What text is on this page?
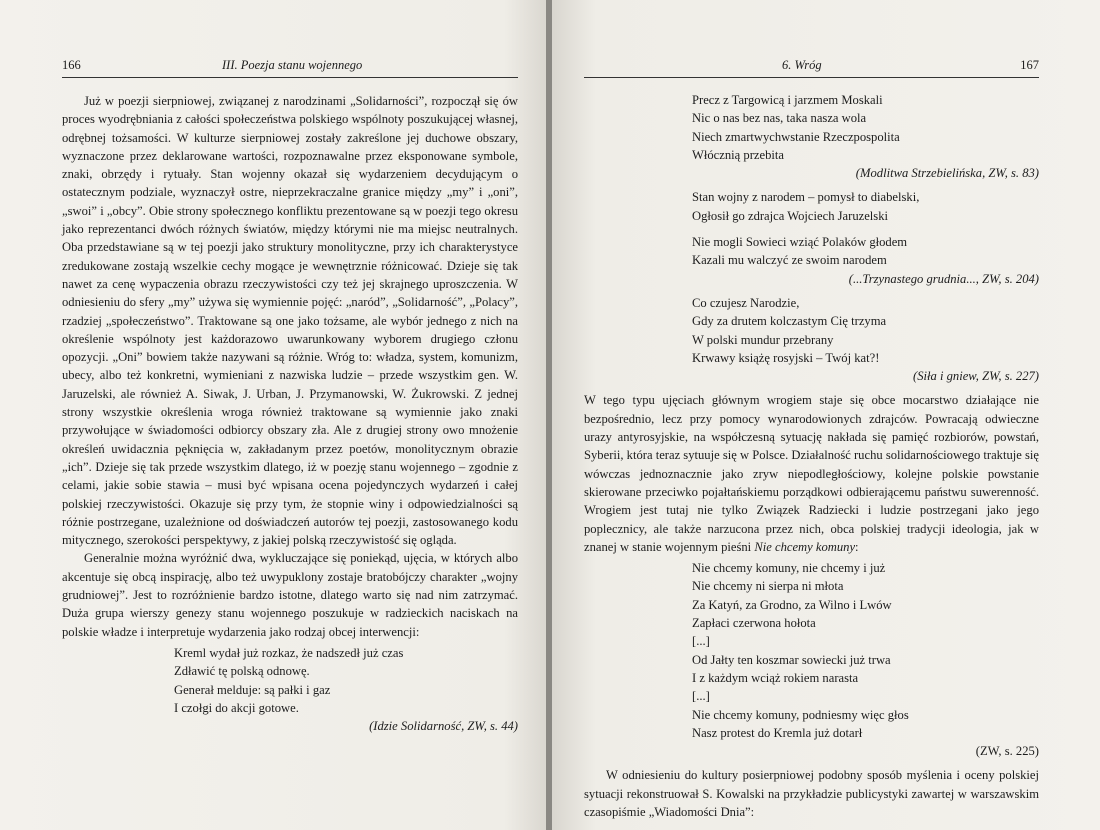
166	III. Poezja stanu wojennego

Już w poezji sierpniowej, związanej z narodzinami „Solidarności”, rozpoczął się ów proces wyodrębniania z całości społeczeństwa polskiego wspólnoty poszukującej własnej, odrębnej tożsamości. W kulturze sierpniowej zostały zakreślone jej duchowe obszary, wyznaczone przez deklarowane wartości, rozpoznawalne przez eksponowane symbole, znaki, obrzędy i rytuały. Stan wojenny okazał się wydarzeniem decydującym o ostatecznym podziale, wyznaczył ostre, nieprzekraczalne granice między „my” i „oni”, „swoi” i „obcy”. Obie strony społecznego konfliktu prezentowane są w poezji tego okresu jako reprezentanci dwóch różnych światów, między którymi nie ma miejsc neutralnych. Oba przedstawiane są w tej poezji jako struktury monolityczne, przy ich charakterystyce zredukowane zostają wszelkie cechy mogące je wewnętrznie różnicować. Dzieje się tak nawet za cenę wypaczenia obrazu rzeczywistości czy też jej skrajnego uproszczenia. W odniesieniu do sfery „my” używa się wymiennie pojęć: „naród”, „Solidarność”, „Polacy”, rzadziej „społeczeństwo”. Traktowane są one jako tożsame, ale wybór jednego z nich na określenie wspólnoty jest każdorazowo uwarunkowany wyborem drugiego członu opozycji. „Oni” bowiem także nazywani są różnie. Wróg to: władza, system, komunizm, ubecy, albo też konkretni, wymieniani z nazwiska ludzie – przede wszystkim gen. W. Jaruzelski, ale również A. Siwak, J. Urban, J. Przymanowski, W. Żukrowski. Z jednej strony wszystkie określenia wroga również traktowane są wymiennie jako znaki przywołujące w świadomości odbiorcy obszary zła. Ale z drugiej strony owo mnożenie określeń uwidacznia pęknięcia w, zakładanym przez poetów, monolitycznym obrazie „ich”. Dzieje się tak przede wszystkim dlatego, iż w poezję stanu wojennego – zgodnie z celami, jakie sobie stawia – musi być wpisana ocena pojedynczych wydarzeń i całej polskiej rzeczywistości. Okazuje się przy tym, że stopnie winy i odpowiedzialności są różnie postrzegane, uzależnione od doświadczeń autorów tej poezji, zastosowanego kodu mitycznego, szerokości perspektywy, z jakiej polską rzeczywistość się ogląda.

Generalnie można wyróżnić dwa, wykluczające się poniekąd, ujęcia, w których albo akcentuje się obcą inspirację, albo też uwypuklony zostaje bratobójczy charakter „wojny grudniowej”. Jest to rozróżnienie bardzo istotne, dlatego warto się nad nim zatrzymać. Duża grupa wierszy genezy stanu wojennego poszukuje w radzieckich naciskach na polskie władze i interpretuje wydarzenia jako rodzaj obcej interwencji:

Kreml wydał już rozkaz, że nadszedł już czas
Zdławić tę polską odnowę.
Generał melduje: są pałki i gaz
I czołgi do akcji gotowe.
(Idzie Solidarność, ZW, s. 44)
6. Wróg	167
Precz z Targowicą i jarzmem Moskali
Nic o nas bez nas, taka nasza wola
Niech zmartwychwstanie Rzeczpospolita
Włócznią przebita
(Modlitwa Strzebielińska, ZW, s. 83)
Stan wojny z narodem – pomysł to diabelski,
Ogłosił go zdrajca Wojciech Jaruzelski
Nie mogli Sowieci wziąć Polaków głodem
Kazali mu walczyć ze swoim narodem
(...Trzynastego grudnia..., ZW, s. 204)
Co czujesz Narodzie,
Gdy za drutem kolczastym Cię trzyma
W polski mundur przebrany
Krwawy książę rosyjski – Twój kat?!
(Siła i gniew, ZW, s. 227)

W tego typu ujęciach głównym wrogiem staje się obce mocarstwo działające nie bezpośrednio, lecz przy pomocy wynarodowionych zdrajców. Powracają odwieczne urazy antyrosyjskie, na współczesną sytuację nakłada się pamięć rozbiorów, powstań, Syberii, która teraz sytuuje się w Polsce. Działalność ruchu solidarnościowego traktuje się wówczas jednoznacznie jako zryw niepodległościowy, kolejne polskie powstanie skierowane przeciwko pojałtańskiemu porządkowi odbierającemu państwu suwerenność. Wrogiem jest tutaj nie tylko Związek Radziecki i ludzie postrzegani jako jego poplecznicy, ale także narzucona przez nich, obca polskiej tradycji ideologia, jak w znanej w stanie wojennym pieśni Nie chcemy komuny:

Nie chcemy komuny, nie chcemy i już
Nie chcemy ni sierpa ni młota
Za Katyń, za Grodno, za Wilno i Lwów
Zapłaci czerwona hołota
[...]
Od Jałty ten koszmar sowiecki już trwa
I z każdym wciąż rokiem narasta
[...]
Nie chcemy komuny, podniesmy więc głos
Nasz protest do Kremla już dotarł
(ZW, s. 225)

W odniesieniu do kultury posierpniowej podobny sposób myślenia i oceny polskiej sytuacji rekonstruował S. Kowalski na przykładzie publicystyki zawartej w warszawskim czasopiśmie „Wiadomości Dnia”:
